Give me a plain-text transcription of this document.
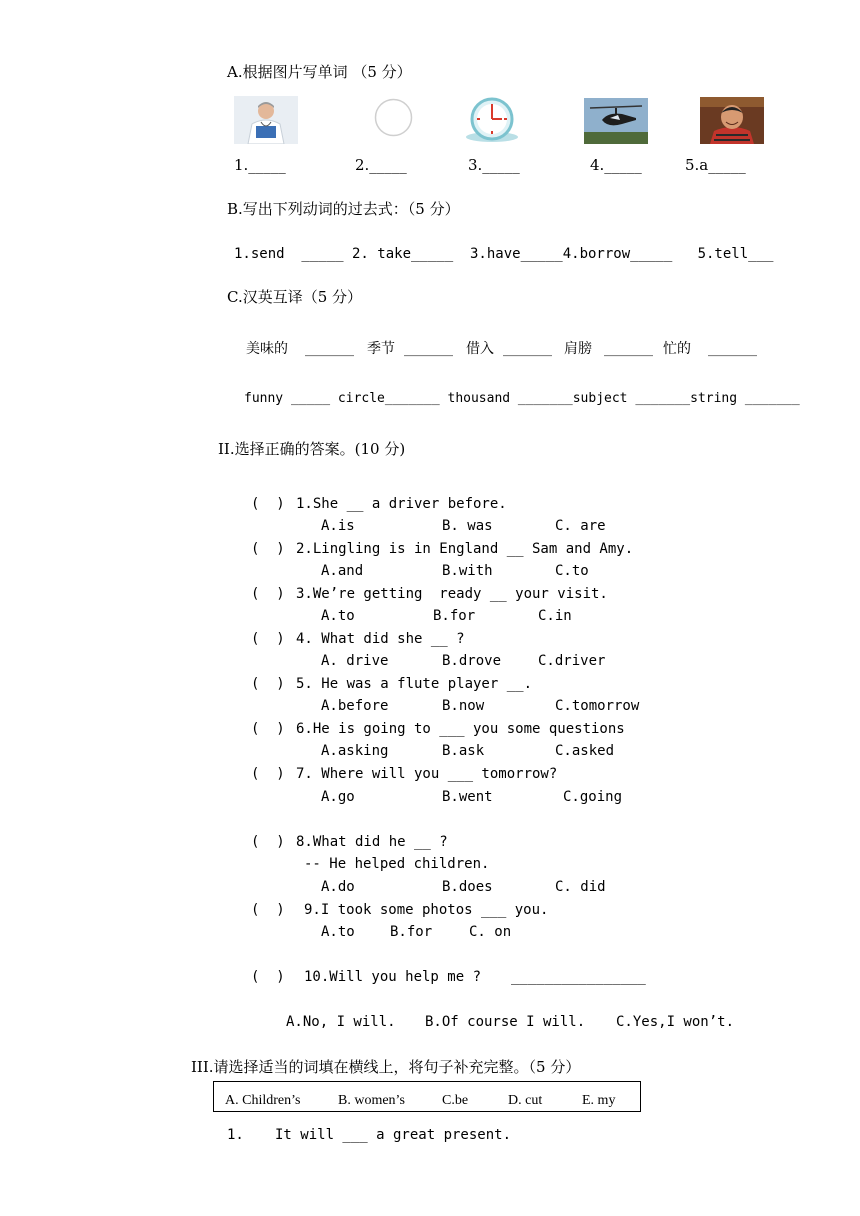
A.根据图片写单词 （5 分）
1._____	2._____	3._____	4._____	5.a_____
B.写出下列动词的过去式：（5 分）
1.send  _____ 2. take_____  3.have_____4.borrow_____   5.tell___
C.汉英互译（5 分）
美味的 _______ 季节 _______ 借入 _______ 肩膀 _______ 忙的 _______
funny _____ circle_______ thousand _______subject _______string _______
II.选择正确的答案。(10 分)
(  ) 1.She __ a driver before.
A.is	B. was	C. are
(  ) 2.Lingling is in England __ Sam and Amy.
A.and	B.with	C.to
(  ) 3.We’re getting  ready __ your visit.
A.to	B.for	C.in
(  ) 4. What did she __ ?
A. drive	B.drove	C.driver
(  ) 5. He was a flute player __.
A.before	B.now	C.tomorrow
(  ) 6.He is going to ___ you some questions
A.asking	B.ask	C.asked
(  ) 7. Where will you ___ tomorrow?
A.go	B.went	C.going
(  ) 8.What did he __ ?
-- He helped children.
A.do	B.does	C. did
(  ) 9.I took some photos ___ you.
A.to	B.for	C. on
(  ) 10.Will you help me ? ________________
A.No, I will. B.Of course I will. C.Yes,I won’t.
III.请选择适当的词填在横线上，将句子补充完整。（5 分）
A. Children’s	B. women’s	C.be	D. cut	E. my
1. It will ___ a great present.
